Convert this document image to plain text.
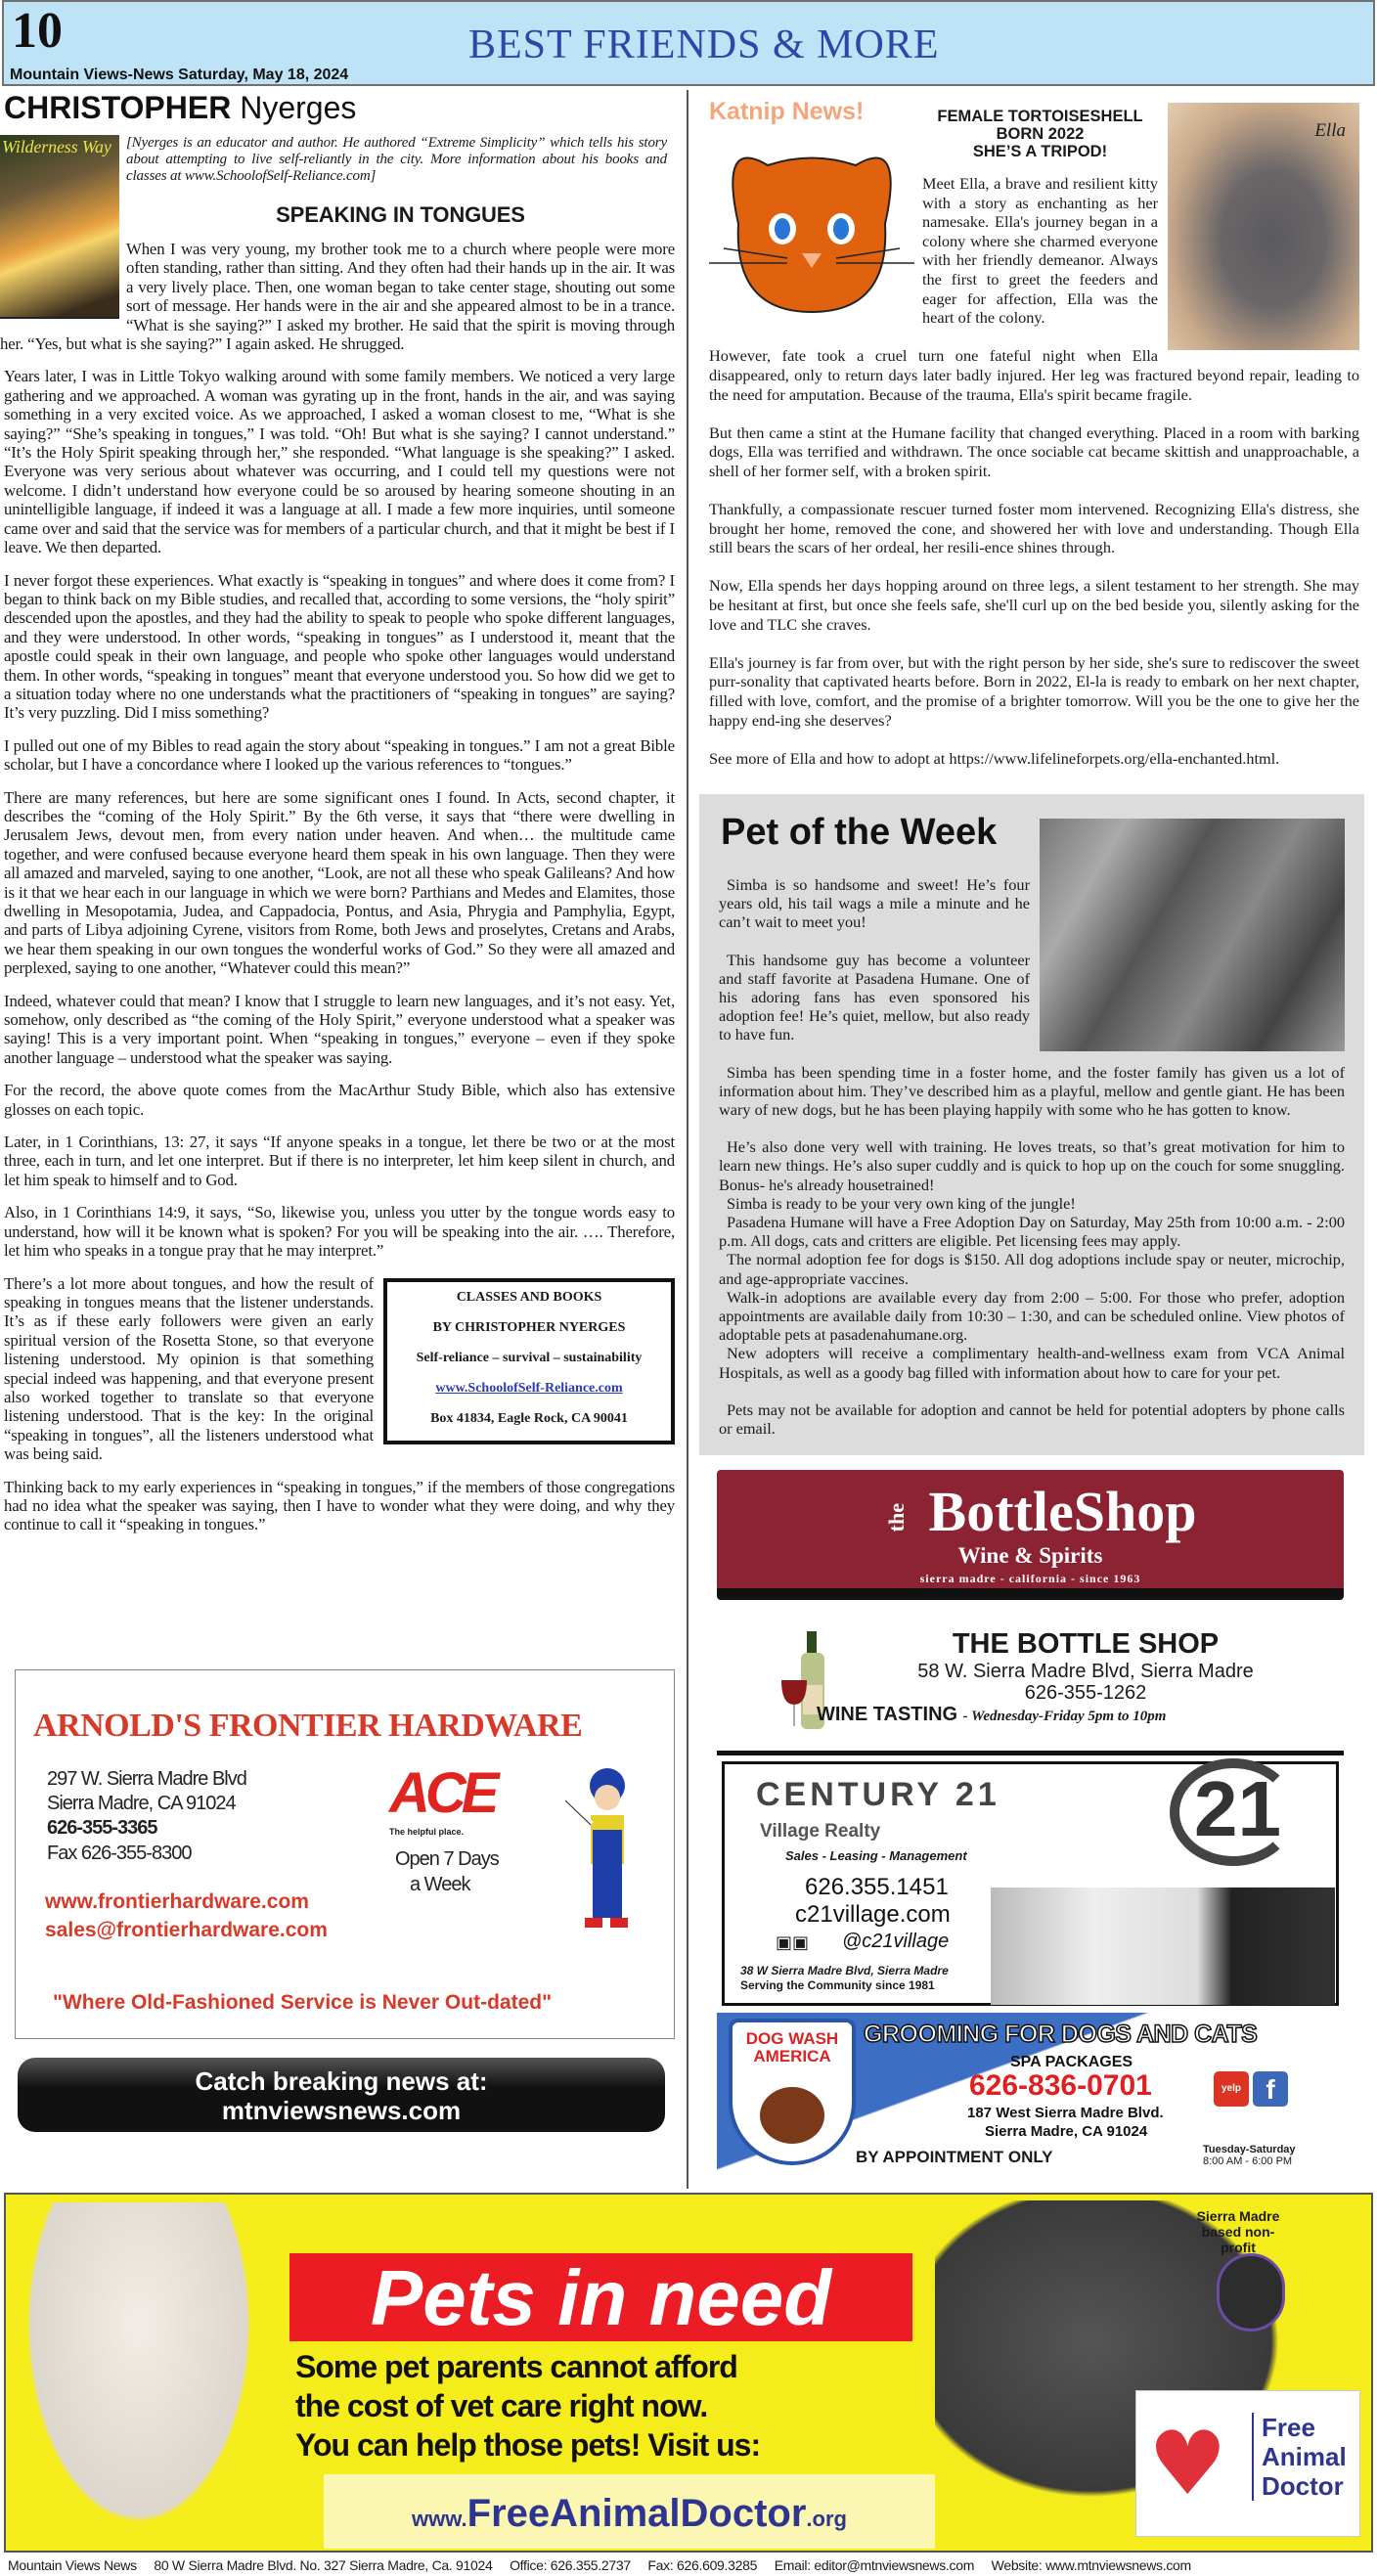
10	BEST FRIENDS & MORE
Mountain Views-News Saturday, May 18, 2024
CHRISTOPHER Nyerges
Wilderness Way [Nyerges is an educator and author. He authored “Extreme Simplicity” which tells his story about attempting to live self-reliantly in the city. More information about his books and classes at www.SchoolofSelf-Reliance.com]
SPEAKING IN TONGUES

When I was very young, my brother took me to a church where people were more often standing, rather than sitting. And they often had their hands up in the air. It was a very lively place. Then, one woman began to take center stage, shouting out some sort of message. Her hands were in the air and she appeared almost to be in a trance. “What is she saying?” I asked my brother. He said that the spirit is moving through her. “Yes, but what is she saying?” I again asked. He shrugged.

Years later, I was in Little Tokyo walking around with some family members. We noticed a very large gathering and we approached. A woman was gyrating up in the front, hands in the air, and was saying something in a very excited voice. As we approached, I asked a woman closest to me, “What is she saying?” “She’s speaking in tongues,” I was told. “Oh! But what is she saying? I cannot understand.” “It’s the Holy Spirit speaking through her,” she responded. “What language is she speaking?” I asked. Everyone was very serious about whatever was occurring, and I could tell my questions were not welcome. I didn’t understand how everyone could be so aroused by hearing someone shouting in an unintelligible language, if indeed it was a language at all. I made a few more inquiries, until someone came over and said that the service was for members of a particular church, and that it might be best if I leave. We then departed.

I never forgot these experiences. What exactly is “speaking in tongues” and where does it come from? I began to think back on my Bible studies, and recalled that, according to some versions, the “holy spirit” descended upon the apostles, and they had the ability to speak to people who spoke different languages, and they were understood. In other words, “speaking in tongues” as I understood it, meant that the apostle could speak in their own language, and people who spoke other languages would understand them. In other words, “speaking in tongues” meant that everyone understood you. So how did we get to a situation today where no one understands what the practitioners of “speaking in tongues” are saying? It’s very puzzling. Did I miss something?

I pulled out one of my Bibles to read again the story about “speaking in tongues.” I am not a great Bible scholar, but I have a concordance where I looked up the various references to “tongues.”

There are many references, but here are some significant ones I found. In Acts, second chapter, it describes the “coming of the Holy Spirit.” By the 6th verse, it says that “there were dwelling in Jerusalem Jews, devout men, from every nation under heaven. And when… the multitude came together, and were confused because everyone heard them speak in his own language. Then they were all amazed and marveled, saying to one another, “Look, are not all these who speak Galileans? And how is it that we hear each in our language in which we were born? Parthians and Medes and Elamites, those dwelling in Mesopotamia, Judea, and Cappadocia, Pontus, and Asia, Phrygia and Pamphylia, Egypt, and parts of Libya adjoining Cyrene, visitors from Rome, both Jews and proselytes, Cretans and Arabs, we hear them speaking in our own tongues the wonderful works of God.” So they were all amazed and perplexed, saying to one another, “Whatever could this mean?”

Indeed, whatever could that mean? I know that I struggle to learn new languages, and it’s not easy. Yet, somehow, only described as “the coming of the Holy Spirit,” everyone understood what a speaker was saying! This is a very important point. When “speaking in tongues,” everyone – even if they spoke another language – understood what the speaker was saying.

For the record, the above quote comes from the MacArthur Study Bible, which also has extensive glosses on each topic.

Later, in 1 Corinthians, 13: 27, it says “If anyone speaks in a tongue, let there be two or at the most three, each in turn, and let one interpret. But if there is no interpreter, let him keep silent in church, and let him speak to himself and to God.

Also, in 1 Corinthians 14:9, it says, “So, likewise you, unless you utter by the tongue words easy to understand, how will it be known what is spoken? For you will be speaking into the air. …. Therefore, let him who speaks in a tongue pray that he may interpret.”

CLASSES AND BOOKS
BY CHRISTOPHER NYERGES
Self-reliance – survival – sustainability
www.SchoolofSelf-Reliance.com
Box 41834, Eagle Rock, CA 90041

There’s a lot more about tongues, and how the result of speaking in tongues means that the listener understands. It’s as if these early followers were given an early spiritual version of the Rosetta Stone, so that everyone listening understood. My opinion is that something special indeed was happening, and that everyone present also worked together to translate so that everyone listening understood. That is the key: In the original “speaking in tongues”, all the listeners understood what was being said.

Thinking back to my early experiences in “speaking in tongues,” if the members of those congregations had no idea what the speaker was saying, then I have to wonder what they were doing, and why they continue to call it “speaking in tongues.”

ARNOLD'S FRONTIER HARDWARE
297 W. Sierra Madre Blvd
Sierra Madre, CA 91024
626-355-3365
Fax 626-355-8300
www.frontierhardware.com
sales@frontierhardware.com
ACE
The helpful place.
Open 7 Days
a Week
"Where Old-Fashioned Service is Never Out-dated"
Catch breaking news at:
mtnviewsnews.com
Katnip News!
Ella
FEMALE TORTOISESHELL
BORN 2022
SHE’S A TRIPOD!

Meet Ella, a brave and resilient kitty with a story as enchanting as her namesake. Ella's journey began in a colony where she charmed everyone with her friendly demeanor. Always the first to greet the feeders and eager for affection, Ella was the heart of the colony.

However, fate took a cruel turn one fateful night when Ella disappeared, only to return days later badly injured. Her leg was fractured beyond repair, leading to the need for amputation. Because of the trauma, Ella's spirit became fragile.

But then came a stint at the Humane facility that changed everything. Placed in a room with barking dogs, Ella was terrified and withdrawn. The once sociable cat became skittish and unapproachable, a shell of her former self, with a broken spirit.

Thankfully, a compassionate rescuer turned foster mom intervened. Recognizing Ella's distress, she brought her home, removed the cone, and showered her with love and understanding. Though Ella still bears the scars of her ordeal, her resili-ence shines through.

Now, Ella spends her days hopping around on three legs, a silent testament to her strength. She may be hesitant at first, but once she feels safe, she'll curl up on the bed beside you, silently asking for the love and TLC she craves.

Ella's journey is far from over, but with the right person by her side, she's sure to rediscover the sweet purr-sonality that captivated hearts before. Born in 2022, El-la is ready to embark on her next chapter, filled with love, comfort, and the promise of a brighter tomorrow. Will you be the one to give her the happy end-ing she deserves?

See more of Ella and how to adopt at https://www.lifelineforpets.org/ella-enchanted.html.

Pet of the Week

Simba is so handsome and sweet! He’s four years old, his tail wags a mile a minute and he can’t wait to meet you!

This handsome guy has become a volunteer and staff favorite at Pasadena Humane. One of his adoring fans has even sponsored his adoption fee! He’s quiet, mellow, but also ready to have fun.

Simba has been spending time in a foster home, and the foster family has given us a lot of information about him. They’ve described him as a playful, mellow and gentle giant. He has been wary of new dogs, but he has been playing happily with some who he has gotten to know.

He’s also done very well with training. He loves treats, so that’s great motivation for him to learn new things. He’s also super cuddly and is quick to hop up on the couch for some snuggling. Bonus- he's already housetrained!

Simba is ready to be your very own king of the jungle!

Pasadena Humane will have a Free Adoption Day on Saturday, May 25th from 10:00 a.m. - 2:00 p.m. All dogs, cats and critters are eligible. Pet licensing fees may apply.

The normal adoption fee for dogs is $150. All dog adoptions include spay or neuter, microchip, and age-appropriate vaccines.

Walk-in adoptions are available every day from 2:00 – 5:00. For those who prefer, adoption appointments are available daily from 10:30 – 1:30, and can be scheduled online. View photos of adoptable pets at pasadenahumane.org.

New adopters will receive a complimentary health-and-wellness exam from VCA Animal Hospitals, as well as a goody bag filled with information about how to care for your pet.

Pets may not be available for adoption and cannot be held for potential adopters by phone calls or email.

the BottleShop
Wine & Spirits
sierra madre - california - since 1963
THE BOTTLE SHOP
58 W. Sierra Madre Blvd, Sierra Madre
626-355-1262
WINE TASTING - Wednesday-Friday 5pm to 10pm
CENTURY 21
Village Realty
Sales - Leasing - Management
626.355.1451
c21village.com
▣▣ @c21village
21
38 W Sierra Madre Blvd, Sierra Madre
Serving the Community since 1981
DOG WASH
AMERICA
GROOMING FOR DOGS AND CATS
SPA PACKAGES
626-836-0701	yelp f
187 West Sierra Madre Blvd.
Sierra Madre, CA 91024
BY APPOINTMENT ONLY	Tuesday-Saturday
8:00 AM - 6:00 PM
Pets in need
www.FreeAnimalDoctor.org
Some pet parents cannot afford
the cost of vet care right now.
You can help those pets! Visit us:
Sierra Madre
based non-profit
♥ Free
Animal
Doctor
Mountain Views News 80 W Sierra Madre Blvd. No. 327 Sierra Madre, Ca. 91024 Office: 626.355.2737 Fax: 626.609.3285 Email: editor@mtnviewsnews.com Website: www.mtnviewsnews.com
